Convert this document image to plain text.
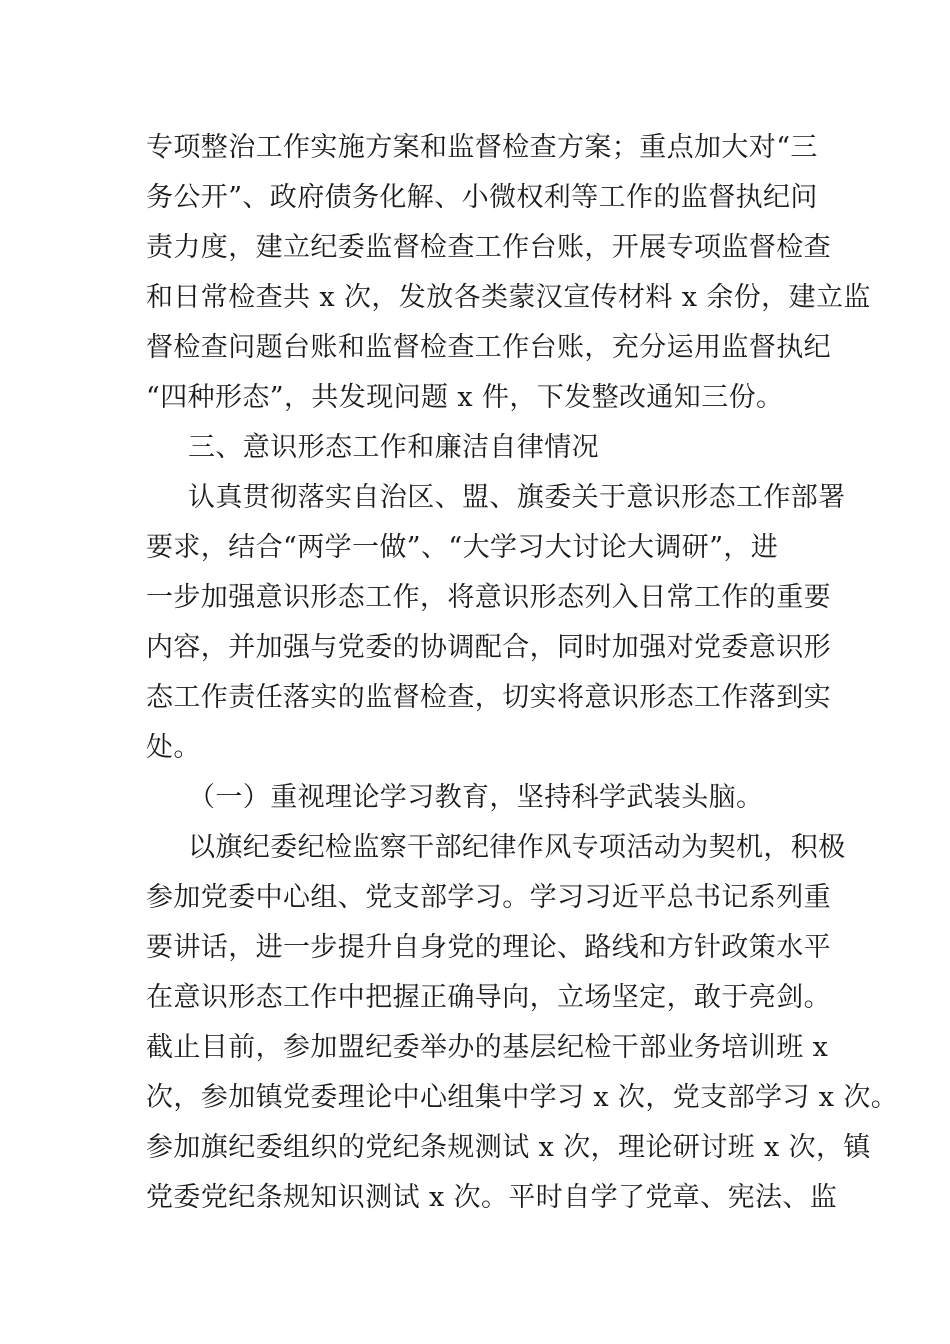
专项整治工作实施方案和监督检查方案；重点加大对“三

务公开”、政府债务化解、小微权利等工作的监督执纪问

责力度，建立纪委监督检查工作台账，开展专项监督检查

和日常检查共 x 次，发放各类蒙汉宣传材料 x 余份，建立监

督检查问题台账和监督检查工作台账，充分运用监督执纪

“四种形态”，共发现问题 x 件，下发整改通知三份。

三、意识形态工作和廉洁自律情况

认真贯彻落实自治区、盟、旗委关于意识形态工作部署

要求，结合“两学一做”、“大学习大讨论大调研”，进

一步加强意识形态工作，将意识形态列入日常工作的重要

内容，并加强与党委的协调配合，同时加强对党委意识形

态工作责任落实的监督检查，切实将意识形态工作落到实

处。

（一）重视理论学习教育，坚持科学武装头脑。

以旗纪委纪检监察干部纪律作风专项活动为契机，积极

参加党委中心组、党支部学习。学习习近平总书记系列重

要讲话，进一步提升自身党的理论、路线和方针政策水平

在意识形态工作中把握正确导向，立场坚定，敢于亮剑。

截止目前，参加盟纪委举办的基层纪检干部业务培训班 x

次，参加镇党委理论中心组集中学习 x 次，党支部学习 x 次。

参加旗纪委组织的党纪条规测试 x 次，理论研讨班 x 次，镇

党委党纪条规知识测试 x 次。平时自学了党章、宪法、监
